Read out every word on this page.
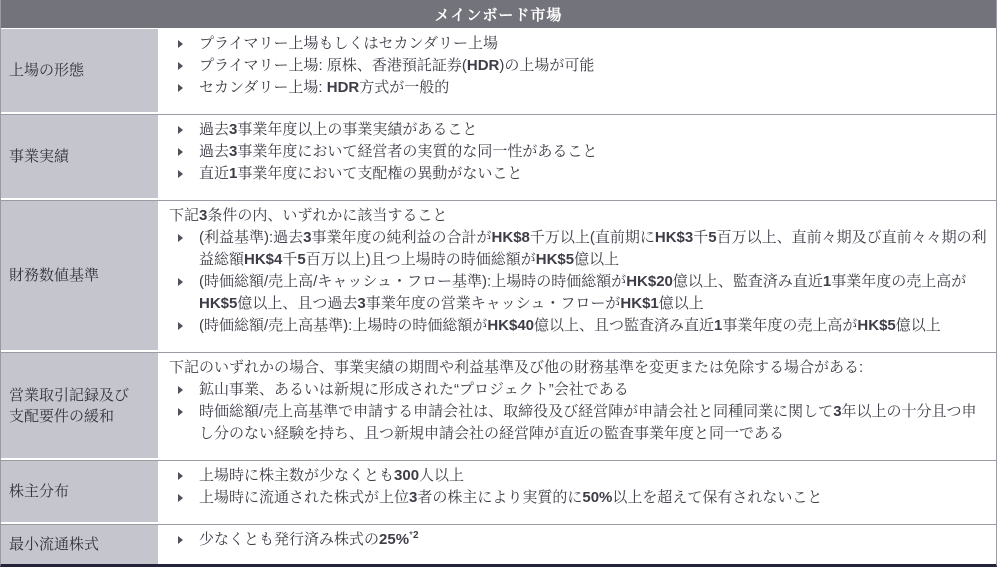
メインボード市場
上場の形態
プライマリー上場もしくはセカンダリー上場
プライマリー上場: 原株、香港預託証券(HDR)の上場が可能
セカンダリー上場: HDR方式が一般的
事業実績
過去3事業年度以上の事業実績があること
過去3事業年度において経営者の実質的な同一性があること
直近1事業年度において支配権の異動がないこと
財務数値基準
下記3条件の内、いずれかに該当すること
(利益基準):過去3事業年度の純利益の合計がHK$8千万以上(直前期にHK$3千5百万以上、直前々期及び直前々々期の利益総額HK$4千5百万以上)且つ上場時の時価総額がHK$5億以上
(時価総額/売上高/キャッシュ・フロー基準):上場時の時価総額がHK$20億以上、監査済み直近1事業年度の売上高がHK$5億以上、且つ過去3事業年度の営業キャッシュ・フローがHK$1億以上
(時価総額/売上高基準):上場時の時価総額がHK$40億以上、且つ監査済み直近1事業年度の売上高がHK$5億以上
営業取引記録及び支配要件の緩和
下記のいずれかの場合、事業実績の期間や利益基準及び他の財務基準を変更または免除する場合がある:
鉱山事業、あるいは新規に形成された“プロジェクト”会社である
時価総額/売上高基準で申請する申請会社は、取締役及び経営陣が申請会社と同種同業に関して3年以上の十分且つ申し分のない経験を持ち、且つ新規申請会社の経営陣が直近の監査事業年度と同一である
株主分布
上場時に株主数が少なくとも300人以上
上場時に流通された株式が上位3者の株主により実質的に50%以上を超えて保有されないこと
最小流通株式	少なくとも発行済み株式の25%$^{*2}$
